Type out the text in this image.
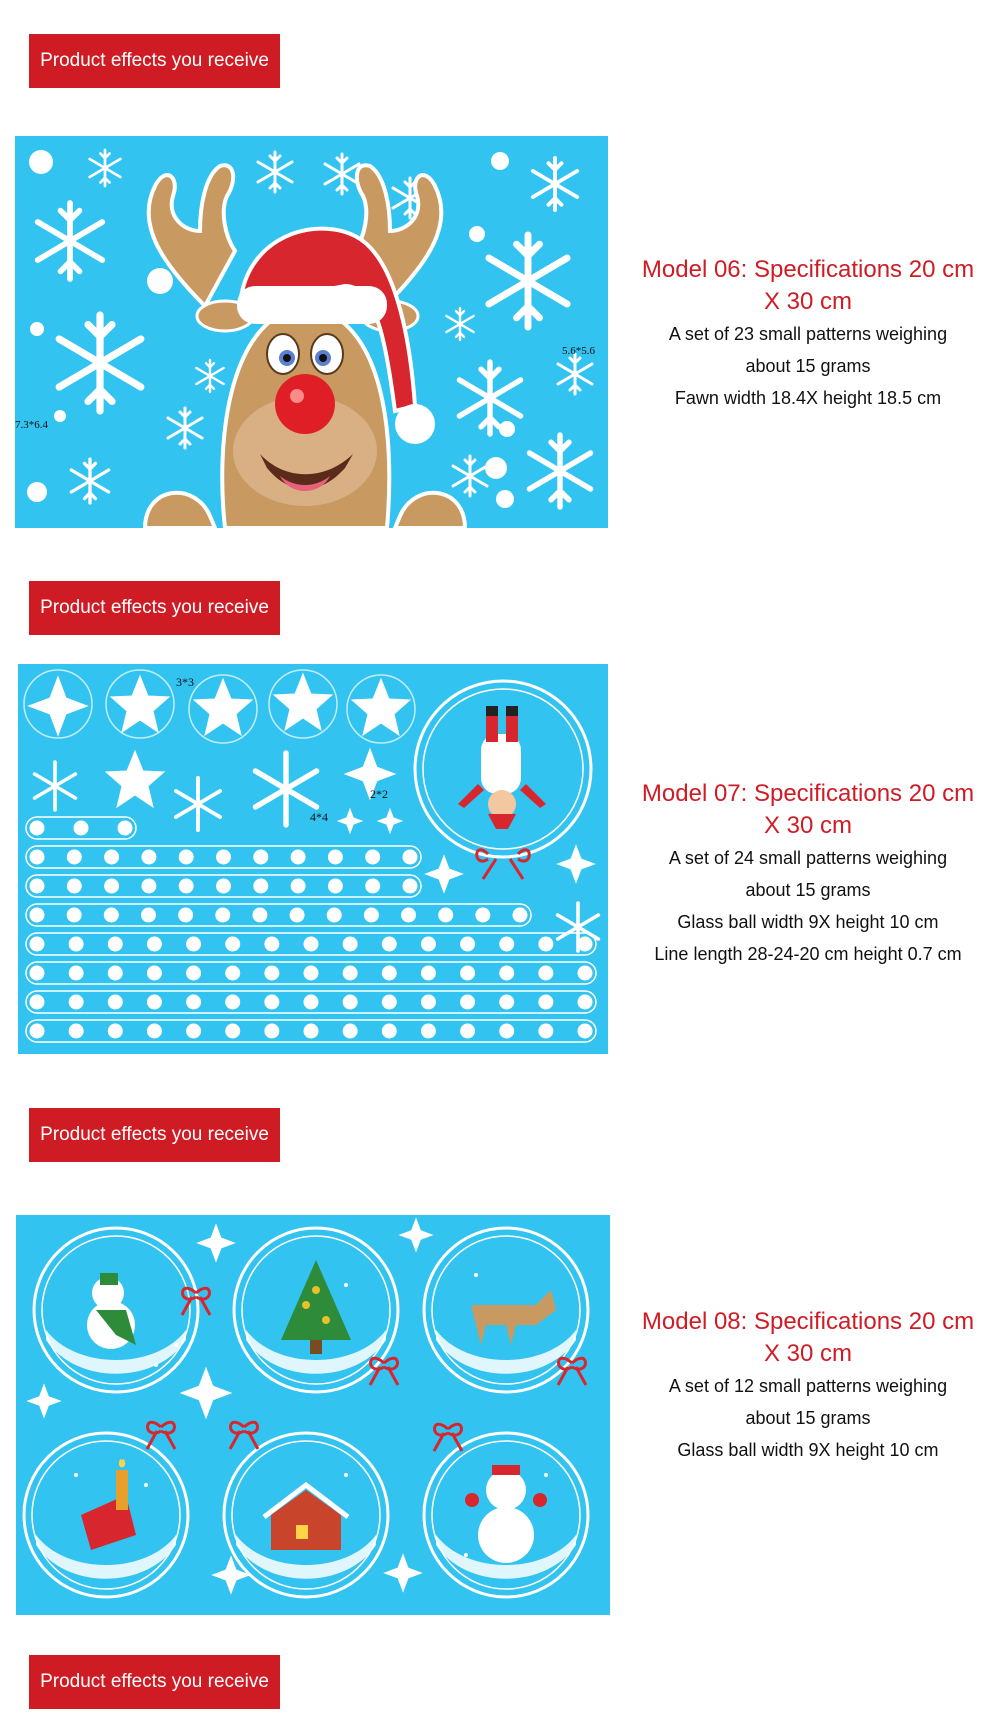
Product effects you receive
7.3*6.4
5.6*5.6
Model 06: Specifications 20 cm
X 30 cm
A set of 23 small patterns weighing
about 15 grams
Fawn width 18.4X height 18.5 cm
Product effects you receive
3*3
4*4
2*2	Model 07: Specifications 20 cm
X 30 cm
A set of 24 small patterns weighing
about 15 grams
Glass ball width 9X height 10 cm
Line length 28-24-20 cm height 0.7 cm
Product effects you receive
Model 08: Specifications 20 cm
X 30 cm
A set of 12 small patterns weighing
about 15 grams
Glass ball width 9X height 10 cm
Product effects you receive
